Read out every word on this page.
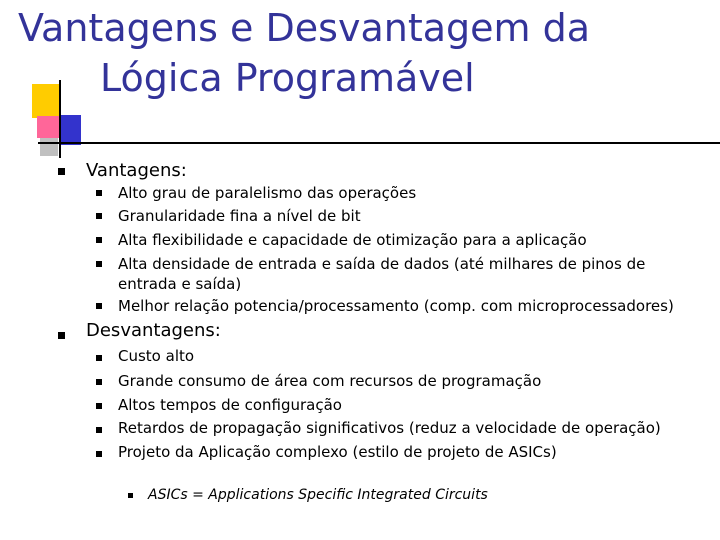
Vantagens e Desvantagem da
Lógica Programável
Vantagens:
Alto grau de paralelismo das operações
Granularidade fina a nível de bit
Alta flexibilidade e capacidade de otimização para a aplicação
Alta densidade de entrada e saída de dados (até milhares de pinos de
entrada e saída)
Melhor relação potencia/processamento (comp. com microprocessadores)
Desvantagens:
Custo alto
Grande consumo de área com recursos de programação
Altos tempos de configuração
Retardos de propagação significativos (reduz a velocidade de operação)
Projeto da Aplicação complexo (estilo de projeto de ASICs)
ASICs = Applications Specific Integrated Circuits
